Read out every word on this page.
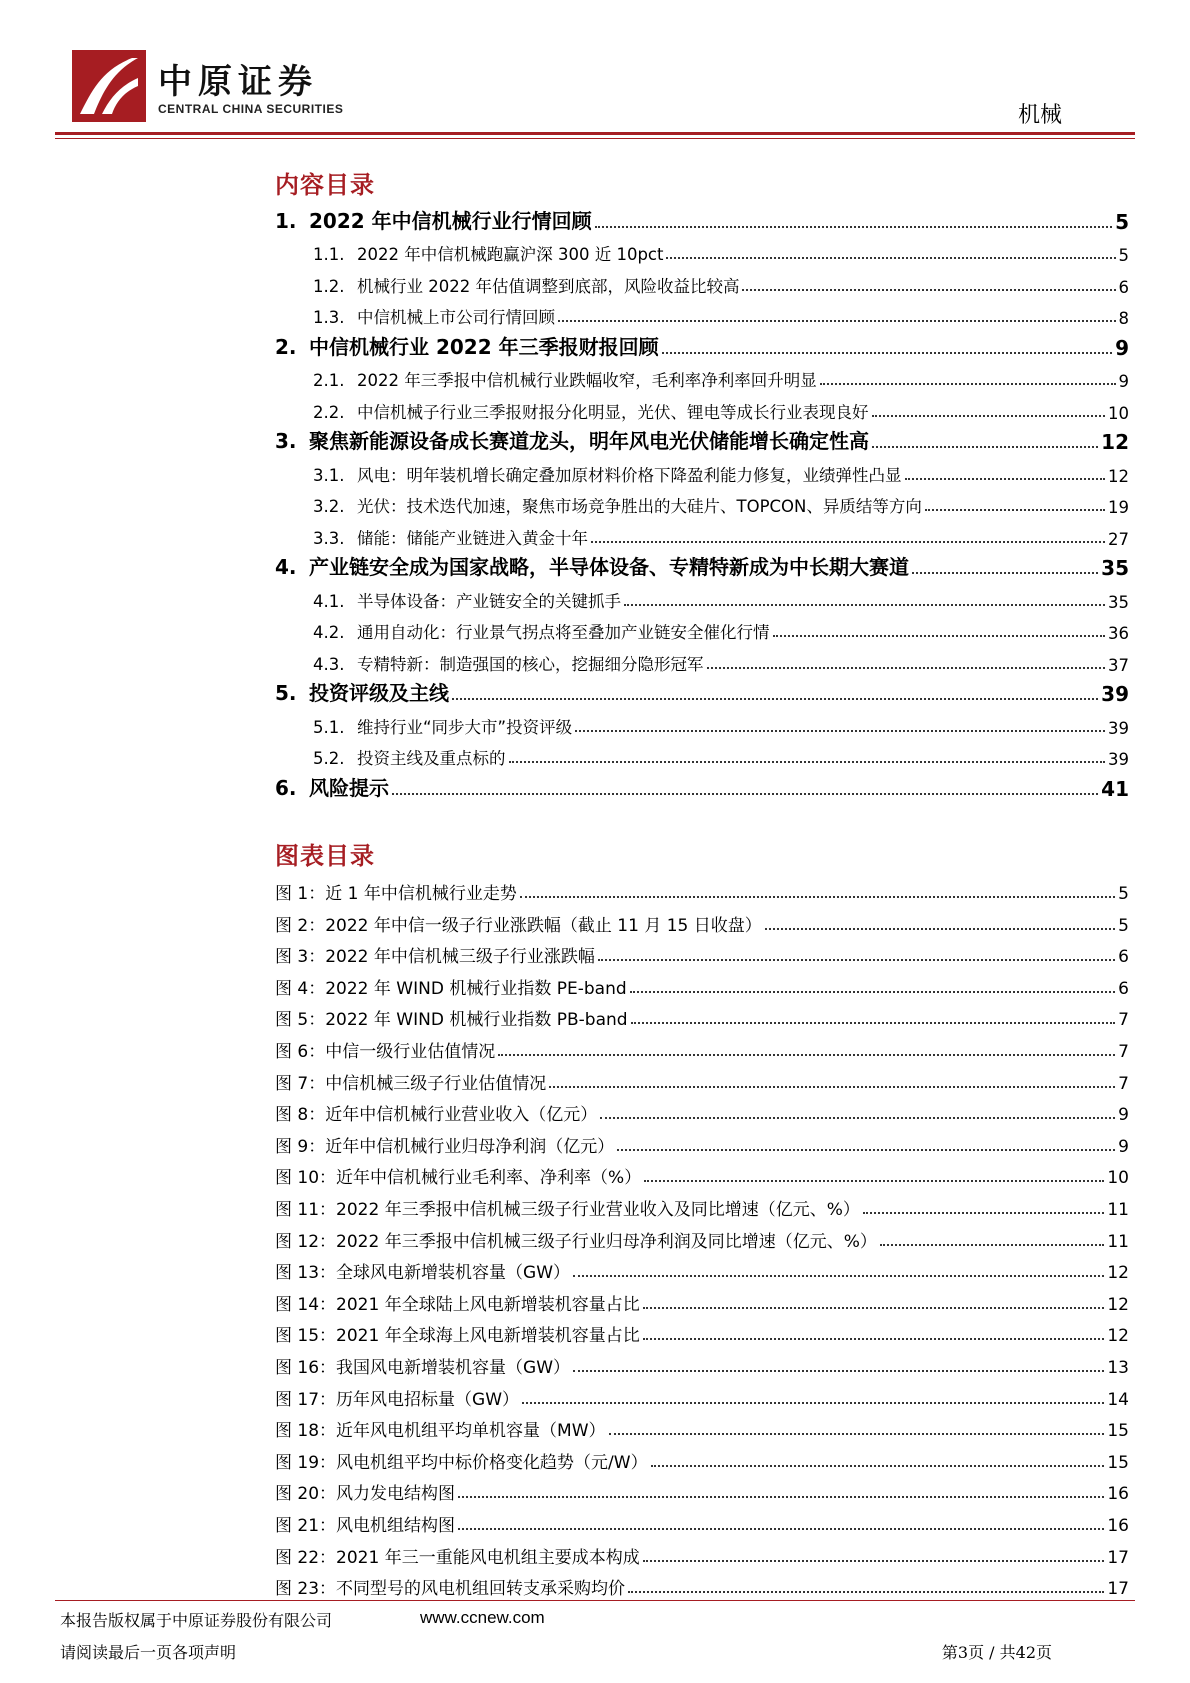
中原证券
CENTRAL CHINA SECURITIES	机械
内容目录
1. 2022 年中信机械行业行情回顾	5
1.1. 2022 年中信机械跑赢沪深 300 近 10pct	5
1.2. 机械行业 2022 年估值调整到底部，风险收益比较高	6
1.3. 中信机械上市公司行情回顾	8
2. 中信机械行业 2022 年三季报财报回顾	9
2.1. 2022 年三季报中信机械行业跌幅收窄，毛利率净利率回升明显	9
2.2. 中信机械子行业三季报财报分化明显，光伏、锂电等成长行业表现良好	10
3. 聚焦新能源设备成长赛道龙头，明年风电光伏储能增长确定性高	12
3.1. 风电：明年装机增长确定叠加原材料价格下降盈利能力修复，业绩弹性凸显	12
3.2. 光伏：技术迭代加速，聚焦市场竞争胜出的大硅片、TOPCON、异质结等方向	19
3.3. 储能：储能产业链进入黄金十年	27
4. 产业链安全成为国家战略，半导体设备、专精特新成为中长期大赛道	35
4.1. 半导体设备：产业链安全的关键抓手	35
4.2. 通用自动化：行业景气拐点将至叠加产业链安全催化行情	36
4.3. 专精特新：制造强国的核心，挖掘细分隐形冠军	37
5. 投资评级及主线	39
5.1. 维持行业“同步大市”投资评级	39
5.2. 投资主线及重点标的	39
6. 风险提示	41
图表目录
图 1：近 1 年中信机械行业走势	5
图 2：2022 年中信一级子行业涨跌幅（截止 11 月 15 日收盘）	5
图 3：2022 年中信机械三级子行业涨跌幅	6
图 4：2022 年 WIND 机械行业指数 PE-band	6
图 5：2022 年 WIND 机械行业指数 PB-band	7
图 6：中信一级行业估值情况	7
图 7：中信机械三级子行业估值情况	7
图 8：近年中信机械行业营业收入（亿元）	9
图 9：近年中信机械行业归母净利润（亿元）	9
图 10：近年中信机械行业毛利率、净利率（%）	10
图 11：2022 年三季报中信机械三级子行业营业收入及同比增速（亿元、%）	11
图 12：2022 年三季报中信机械三级子行业归母净利润及同比增速（亿元、%）	11
图 13：全球风电新增装机容量（GW）	12
图 14：2021 年全球陆上风电新增装机容量占比	12
图 15：2021 年全球海上风电新增装机容量占比	12
图 16：我国风电新增装机容量（GW）	13
图 17：历年风电招标量（GW）	14
图 18：近年风电机组平均单机容量（MW）	15
图 19：风电机组平均中标价格变化趋势（元/W）	15
图 20：风力发电结构图	16
图 21：风电机组结构图	16
图 22：2021 年三一重能风电机组主要成本构成	17
图 23：不同型号的风电机组回转支承采购均价	17
本报告版权属于中原证券股份有限公司	www.ccnew.com
请阅读最后一页各项声明	第3页 / 共42页
